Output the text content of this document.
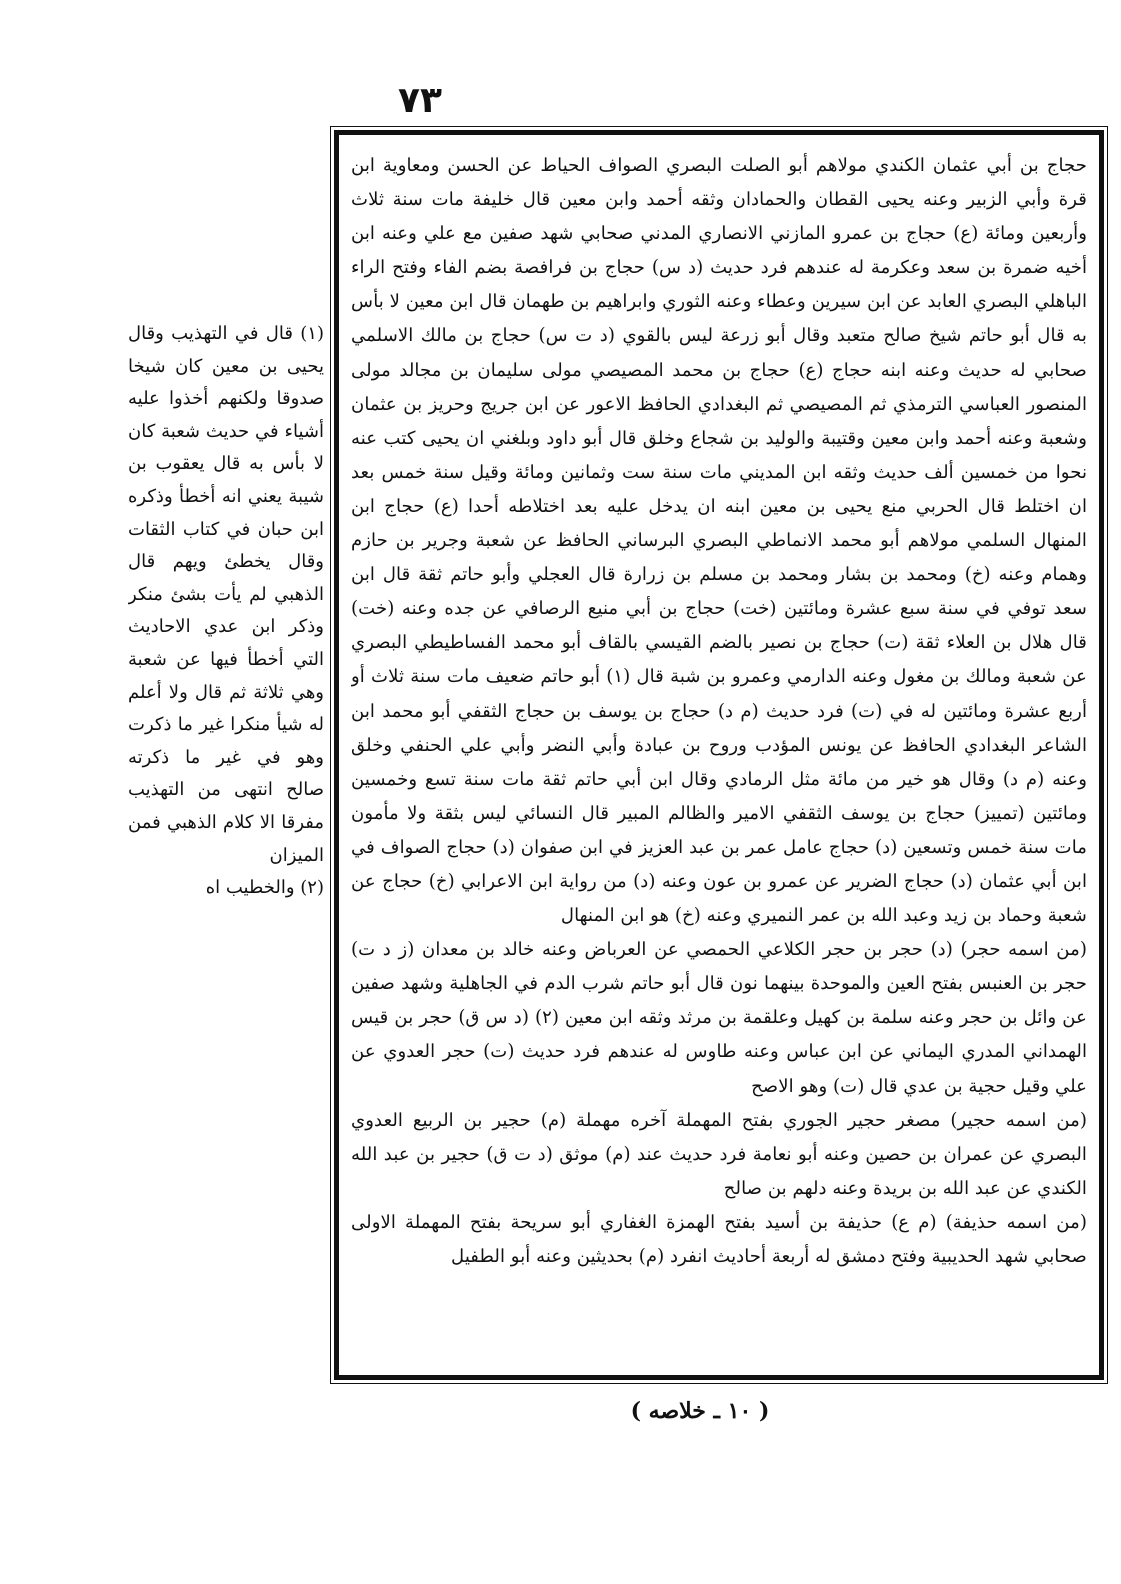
٧٣

(١) قال في التهذيب وقال يحيى بن معين كان شيخا صدوقا ولكنهم أخذوا عليه أشياء في حديث شعبة كان لا بأس به قال يعقوب بن شيبة يعني انه أخطأ وذكره ابن حبان في كتاب الثقات وقال يخطئ ويهم قال الذهبي لم يأت بشئ منكر وذكر ابن عدي الاحاديث التي أخطأ فيها عن شعبة وهي ثلاثة ثم قال ولا أعلم له شيأ منكرا غير ما ذكرت وهو في غير ما ذكرته صالح انتهى من التهذيب مفرقا الا كلام الذهبي فمن الميزان

(٢) والخطيب اه

حجاج بن أبي عثمان الكندي مولاهم أبو الصلت البصري الصواف الحياط عن الحسن ومعاوية ابن قرة وأبي الزبير وعنه يحيى القطان والحمادان وثقه أحمد وابن معين قال خليفة مات سنة ثلاث وأربعين ومائة (ع) حجاج بن عمرو المازني الانصاري المدني صحابي شهد صفين مع علي وعنه ابن أخيه ضمرة بن سعد وعكرمة له عندهم فرد حديث (د س) حجاج بن فرافصة بضم الفاء وفتح الراء الباهلي البصري العابد عن ابن سيرين وعطاء وعنه الثوري وابراهيم بن طهمان قال ابن معين لا بأس به قال أبو حاتم شيخ صالح متعبد وقال أبو زرعة ليس بالقوي (د ت س) حجاج بن مالك الاسلمي صحابي له حديث وعنه ابنه حجاج (ع) حجاج بن محمد المصيصي مولى سليمان بن مجالد مولى المنصور العباسي الترمذي ثم المصيصي ثم البغدادي الحافظ الاعور عن ابن جريج وحريز بن عثمان وشعبة وعنه أحمد وابن معين وقتيبة والوليد بن شجاع وخلق قال أبو داود وبلغني ان يحيى كتب عنه نحوا من خمسين ألف حديث وثقه ابن المديني مات سنة ست وثمانين ومائة وقيل سنة خمس بعد ان اختلط قال الحربي منع يحيى بن معين ابنه ان يدخل عليه بعد اختلاطه أحدا (ع) حجاج ابن المنهال السلمي مولاهم أبو محمد الانماطي البصري البرساني الحافظ عن شعبة وجرير بن حازم وهمام وعنه (خ) ومحمد بن بشار ومحمد بن مسلم بن زرارة قال العجلي وأبو حاتم ثقة قال ابن سعد توفي في سنة سبع عشرة ومائتين (خت) حجاج بن أبي منيع الرصافي عن جده وعنه (خت) قال هلال بن العلاء ثقة (ت) حجاج بن نصير بالضم القيسي بالقاف أبو محمد الفساطيطي البصري عن شعبة ومالك بن مغول وعنه الدارمي وعمرو بن شبة قال (١) أبو حاتم ضعيف مات سنة ثلاث أو أربع عشرة ومائتين له في (ت) فرد حديث (م د) حجاج بن يوسف بن حجاج الثقفي أبو محمد ابن الشاعر البغدادي الحافظ عن يونس المؤدب وروح بن عبادة وأبي النضر وأبي علي الحنفي وخلق وعنه (م د) وقال هو خير من مائة مثل الرمادي وقال ابن أبي حاتم ثقة مات سنة تسع وخمسين ومائتين (تمييز) حجاج بن يوسف الثقفي الامير والظالم المبير قال النسائي ليس بثقة ولا مأمون مات سنة خمس وتسعين (د) حجاج عامل عمر بن عبد العزيز في ابن صفوان (د) حجاج الصواف في ابن أبي عثمان (د) حجاج الضرير عن عمرو بن عون وعنه (د) من رواية ابن الاعرابي (خ) حجاج عن شعبة وحماد بن زيد وعبد الله بن عمر النميري وعنه (خ) هو ابن المنهال

(من اسمه حجر) (د) حجر بن حجر الكلاعي الحمصي عن العرباض وعنه خالد بن معدان (ز د ت) حجر بن العنبس بفتح العين والموحدة بينهما نون قال أبو حاتم شرب الدم في الجاهلية وشهد صفين عن وائل بن حجر وعنه سلمة بن كهيل وعلقمة بن مرثد وثقه ابن معين (٢) (د س ق) حجر بن قيس الهمداني المدري اليماني عن ابن عباس وعنه طاوس له عندهم فرد حديث (ت) حجر العدوي عن علي وقيل حجية بن عدي قال (ت) وهو الاصح

(من اسمه حجير) مصغر حجير الجوري بفتح المهملة آخره مهملة (م) حجير بن الربيع العدوي البصري عن عمران بن حصين وعنه أبو نعامة فرد حديث عند (م) موثق (د ت ق) حجير بن عبد الله الكندي عن عبد الله بن بريدة وعنه دلهم بن صالح

(من اسمه حذيفة) (م ع) حذيفة بن أسيد بفتح الهمزة الغفاري أبو سريحة بفتح المهملة الاولى صحابي شهد الحديبية وفتح دمشق له أربعة أحاديث انفرد (م) بحديثين وعنه أبو الطفيل

( ١٠ ـ خلاصه )
